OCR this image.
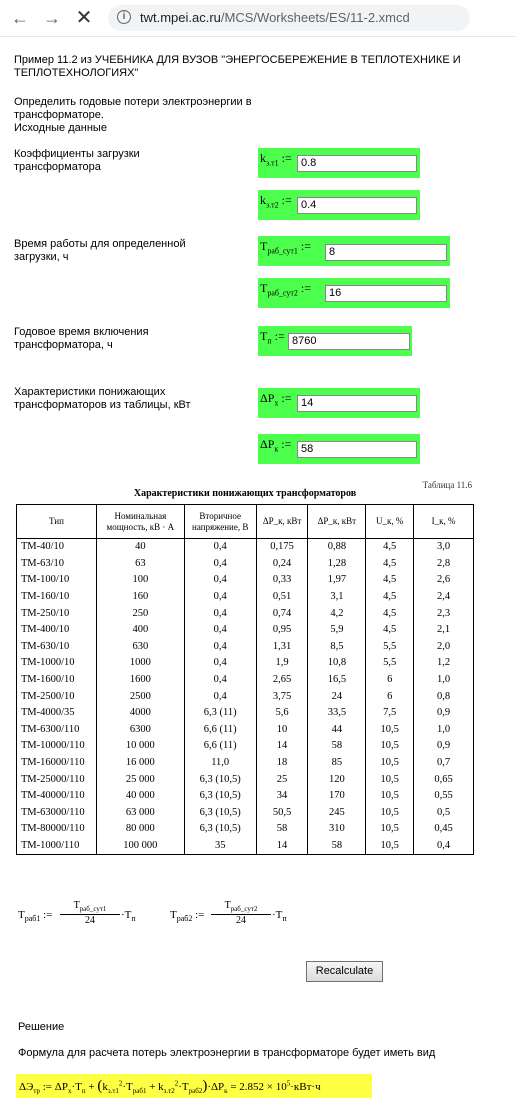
← → ✕	i	twt.mpei.ac.ru/MCS/Worksheets/ES/11-2.xmcd
Пример 11.2 из УЧЕБНИКА ДЛЯ ВУЗОВ "ЭНЕРГОСБЕРЕЖЕНИЕ В ТЕПЛОТЕХНИКЕ И
ТЕПЛОТЕХНОЛОГИЯХ"
Определить годовые потери электроэнергии в
трансформаторе.
Исходные данные
Коэффициенты загрузки
трансформатора
$k_{з.т1}$ := 0.8
$k_{з.т2}$ := 0.4
Время работы для определенной
загрузки, ч
$T_{раб\_сут1}$ :=	8
$T_{раб\_сут2}$ :=	16
Годовое время включения
трансформатора, ч
$T_п$ := 8760
Характеристики понижающих
трансформаторов из таблицы, кВт	$\Delta P_х$ := 14
$\Delta P_к$ := 58
Таблица 11.6
Характеристики понижающих трансформаторов
Тип	Номинальная мощность, кВ · А	Вторичное напряжение, В	ΔP_к, кВт	ΔP_к, кВт	U_к, %	I_к, %
ТМ-40/10	40	0,4	0,175	0,88	4,5	3,0
ТМ-63/10	63	0,4	0,24	1,28	4,5	2,8
ТМ-100/10	100	0,4	0,33	1,97	4,5	2,6
ТМ-160/10	160	0,4	0,51	3,1	4,5	2,4
ТМ-250/10	250	0,4	0,74	4,2	4,5	2,3
ТМ-400/10	400	0,4	0,95	5,9	4,5	2,1
ТМ-630/10	630	0,4	1,31	8,5	5,5	2,0
ТМ-1000/10	1000	0,4	1,9	10,8	5,5	1,2
ТМ-1600/10	1600	0,4	2,65	16,5	6	1,0
ТМ-2500/10	2500	0,4	3,75	24	6	0,8
ТМ-4000/35	4000	6,3 (11)	5,6	33,5	7,5	0,9
ТМ-6300/110	6300	6,6 (11)	10	44	10,5	1,0
ТМ-10000/110	10 000	6,6 (11)	14	58	10,5	0,9
ТМ-16000/110	16 000	11,0	18	85	10,5	0,7
ТМ-25000/110	25 000	6,3 (10,5)	25	120	10,5	0,65
ТМ-40000/110	40 000	6,3 (10,5)	34	170	10,5	0,55
ТМ-63000/110	63 000	6,3 (10,5)	50,5	245	10,5	0,5
ТМ-80000/110	80 000	6,3 (10,5)	58	310	10,5	0,45
ТМ-1000/110	100 000	35	14	58	10,5	0,4
$T_{раб1}$ :=
$T_{раб\_сут1}$
24	$\cdot T_п$	$T_{раб2}$ :=
$T_{раб\_сут2}$
24	$\cdot T_п$
Recalculate
Решение
Формула для расчета потерь электроэнергии в трансформаторе будет иметь вид
$\Delta Э_{тр}$ := $\Delta P_х\cdot T_п + (k_{з.т1}^2\cdot T_{раб1} + k_{з.т2}^2\cdot T_{раб2})\cdot\Delta P_к = 2.852 \times 10^5\cdot кВт\cdot ч$
